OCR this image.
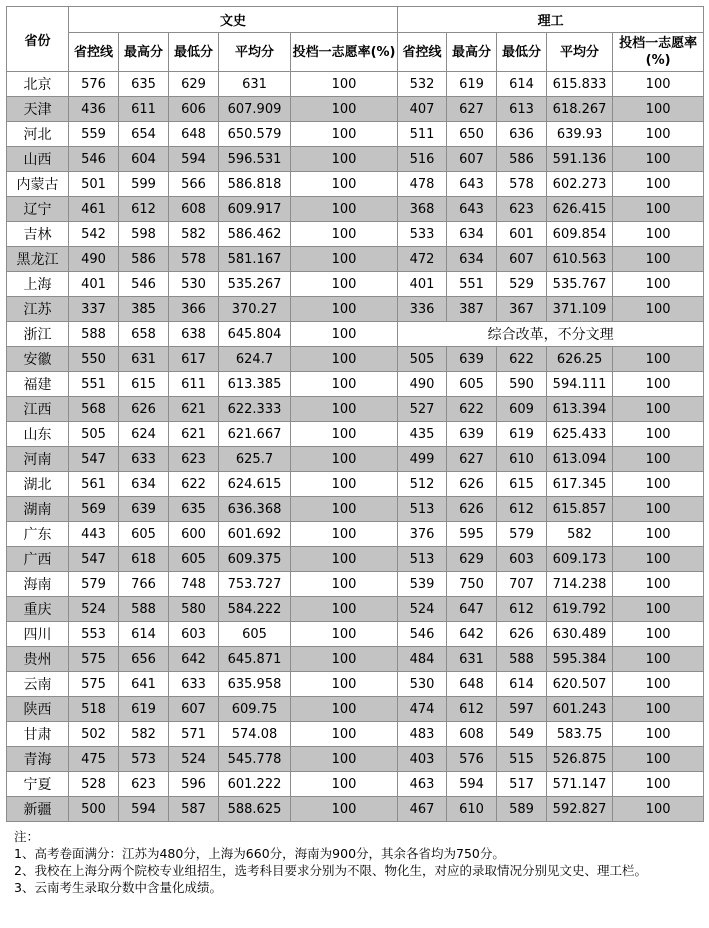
省份	文史					理工				
	省控线	最高分	最低分	平均分	投档一志愿率(%)	省控线	最高分	最低分	平均分	投档一志愿率(%)
北京	576	635	629	631	100	532	619	614	615.833	100
天津	436	611	606	607.909	100	407	627	613	618.267	100
河北	559	654	648	650.579	100	511	650	636	639.93	100
山西	546	604	594	596.531	100	516	607	586	591.136	100
内蒙古	501	599	566	586.818	100	478	643	578	602.273	100
辽宁	461	612	608	609.917	100	368	643	623	626.415	100
吉林	542	598	582	586.462	100	533	634	601	609.854	100
黑龙江	490	586	578	581.167	100	472	634	607	610.563	100
上海	401	546	530	535.267	100	401	551	529	535.767	100
江苏	337	385	366	370.27	100	336	387	367	371.109	100
浙江	588	658	638	645.804	100	综合改革，不分文理				
安徽	550	631	617	624.7	100	505	639	622	626.25	100
福建	551	615	611	613.385	100	490	605	590	594.111	100
江西	568	626	621	622.333	100	527	622	609	613.394	100
山东	505	624	621	621.667	100	435	639	619	625.433	100
河南	547	633	623	625.7	100	499	627	610	613.094	100
湖北	561	634	622	624.615	100	512	626	615	617.345	100
湖南	569	639	635	636.368	100	513	626	612	615.857	100
广东	443	605	600	601.692	100	376	595	579	582	100
广西	547	618	605	609.375	100	513	629	603	609.173	100
海南	579	766	748	753.727	100	539	750	707	714.238	100
重庆	524	588	580	584.222	100	524	647	612	619.792	100
四川	553	614	603	605	100	546	642	626	630.489	100
贵州	575	656	642	645.871	100	484	631	588	595.384	100
云南	575	641	633	635.958	100	530	648	614	620.507	100
陕西	518	619	607	609.75	100	474	612	597	601.243	100
甘肃	502	582	571	574.08	100	483	608	549	583.75	100
青海	475	573	524	545.778	100	403	576	515	526.875	100
宁夏	528	623	596	601.222	100	463	594	517	571.147	100
新疆	500	594	587	588.625	100	467	610	589	592.827	100

注：

1、高考卷面满分：江苏为480分，上海为660分，海南为900分，其余各省均为750分。

2、我校在上海分两个院校专业组招生，选考科目要求分别为不限、物化生，对应的录取情况分别见文史、理工栏。

3、云南考生录取分数中含量化成绩。
